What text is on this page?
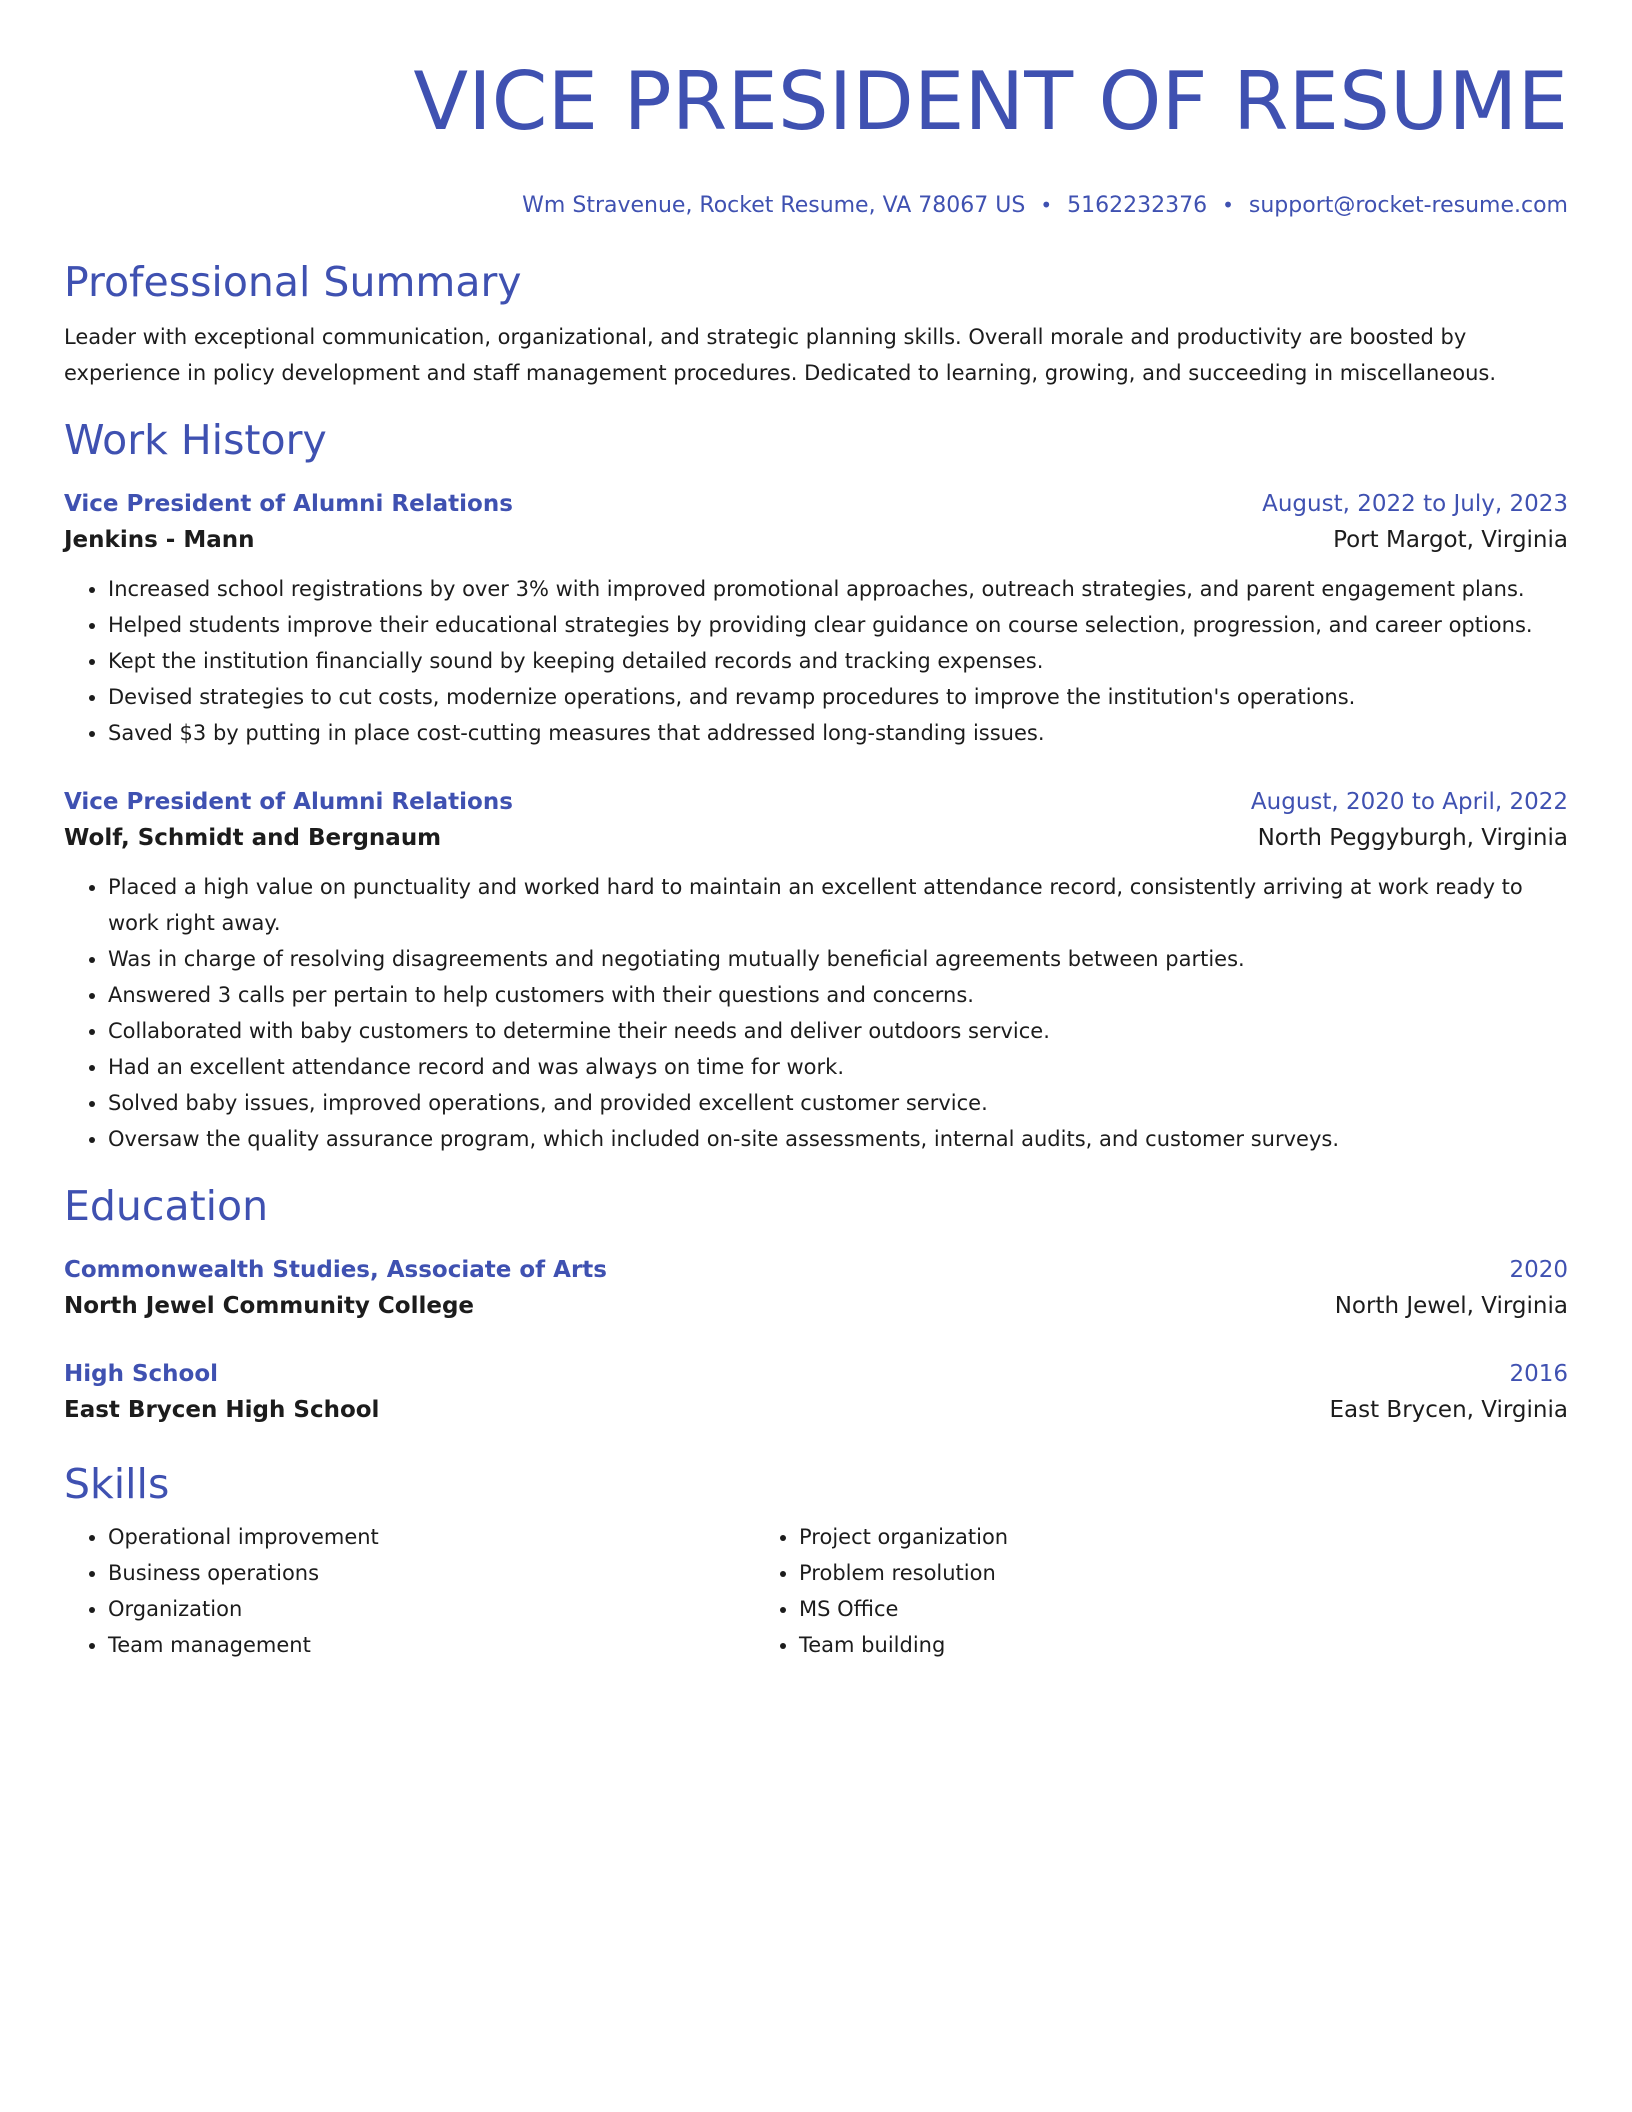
VICE PRESIDENT OF RESUME
Wm Stravenue, Rocket Resume, VA 78067 US • 5162232376 • support@rocket-resume.com
Professional Summary
Leader with exceptional communication, organizational, and strategic planning skills. Overall morale and productivity are boosted by experience in policy development and staff management procedures. Dedicated to learning, growing, and succeeding in miscellaneous.
Work History
Vice President of Alumni Relations	August, 2022 to July, 2023
Jenkins - Mann	Port Margot, Virginia
• Increased school registrations by over 3% with improved promotional approaches, outreach strategies, and parent engagement plans.
• Helped students improve their educational strategies by providing clear guidance on course selection, progression, and career options.
• Kept the institution financially sound by keeping detailed records and tracking expenses.
• Devised strategies to cut costs, modernize operations, and revamp procedures to improve the institution's operations.
• Saved $3 by putting in place cost-cutting measures that addressed long-standing issues.
Vice President of Alumni Relations	August, 2020 to April, 2022
Wolf, Schmidt and Bergnaum	North Peggyburgh, Virginia
• Placed a high value on punctuality and worked hard to maintain an excellent attendance record, consistently arriving at work ready to work right away.
• Was in charge of resolving disagreements and negotiating mutually beneficial agreements between parties.
• Answered 3 calls per pertain to help customers with their questions and concerns.
• Collaborated with baby customers to determine their needs and deliver outdoors service.
• Had an excellent attendance record and was always on time for work.
• Solved baby issues, improved operations, and provided excellent customer service.
• Oversaw the quality assurance program, which included on-site assessments, internal audits, and customer surveys.
Education
Commonwealth Studies, Associate of Arts	2020
North Jewel Community College	North Jewel, Virginia
High School	2016
East Brycen High School	East Brycen, Virginia
Skills
• Operational improvement
• Business operations
• Organization
• Team management
• Project organization
• Problem resolution
• MS Office
• Team building
